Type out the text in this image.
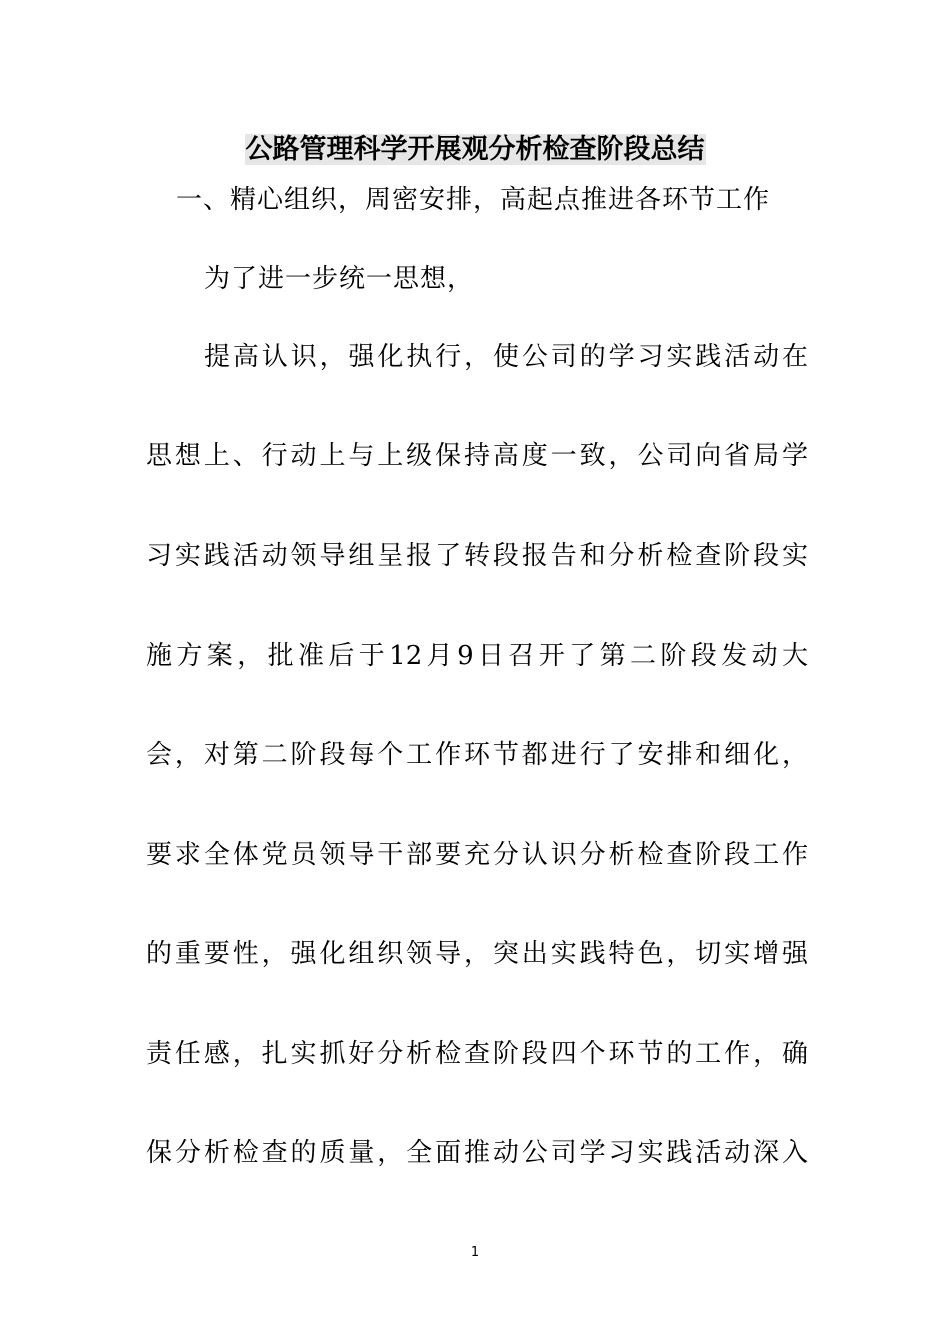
公路管理科学开展观分析检查阶段总结
一、精心组织，周密安排，高起点推进各环节工作
为了进一步统一思想，
提高认识，强化执行，使公司的学习实践活动在
思想上、行动上与上级保持高度一致，公司向省局学
习实践活动领导组呈报了转段报告和分析检查阶段实
施方案，批准后于12月9日召开了第二阶段发动大
会，对第二阶段每个工作环节都进行了安排和细化，
要求全体党员领导干部要充分认识分析检查阶段工作
的重要性，强化组织领导，突出实践特色，切实增强
责任感，扎实抓好分析检查阶段四个环节的工作，确
保分析检查的质量，全面推动公司学习实践活动深入
1
